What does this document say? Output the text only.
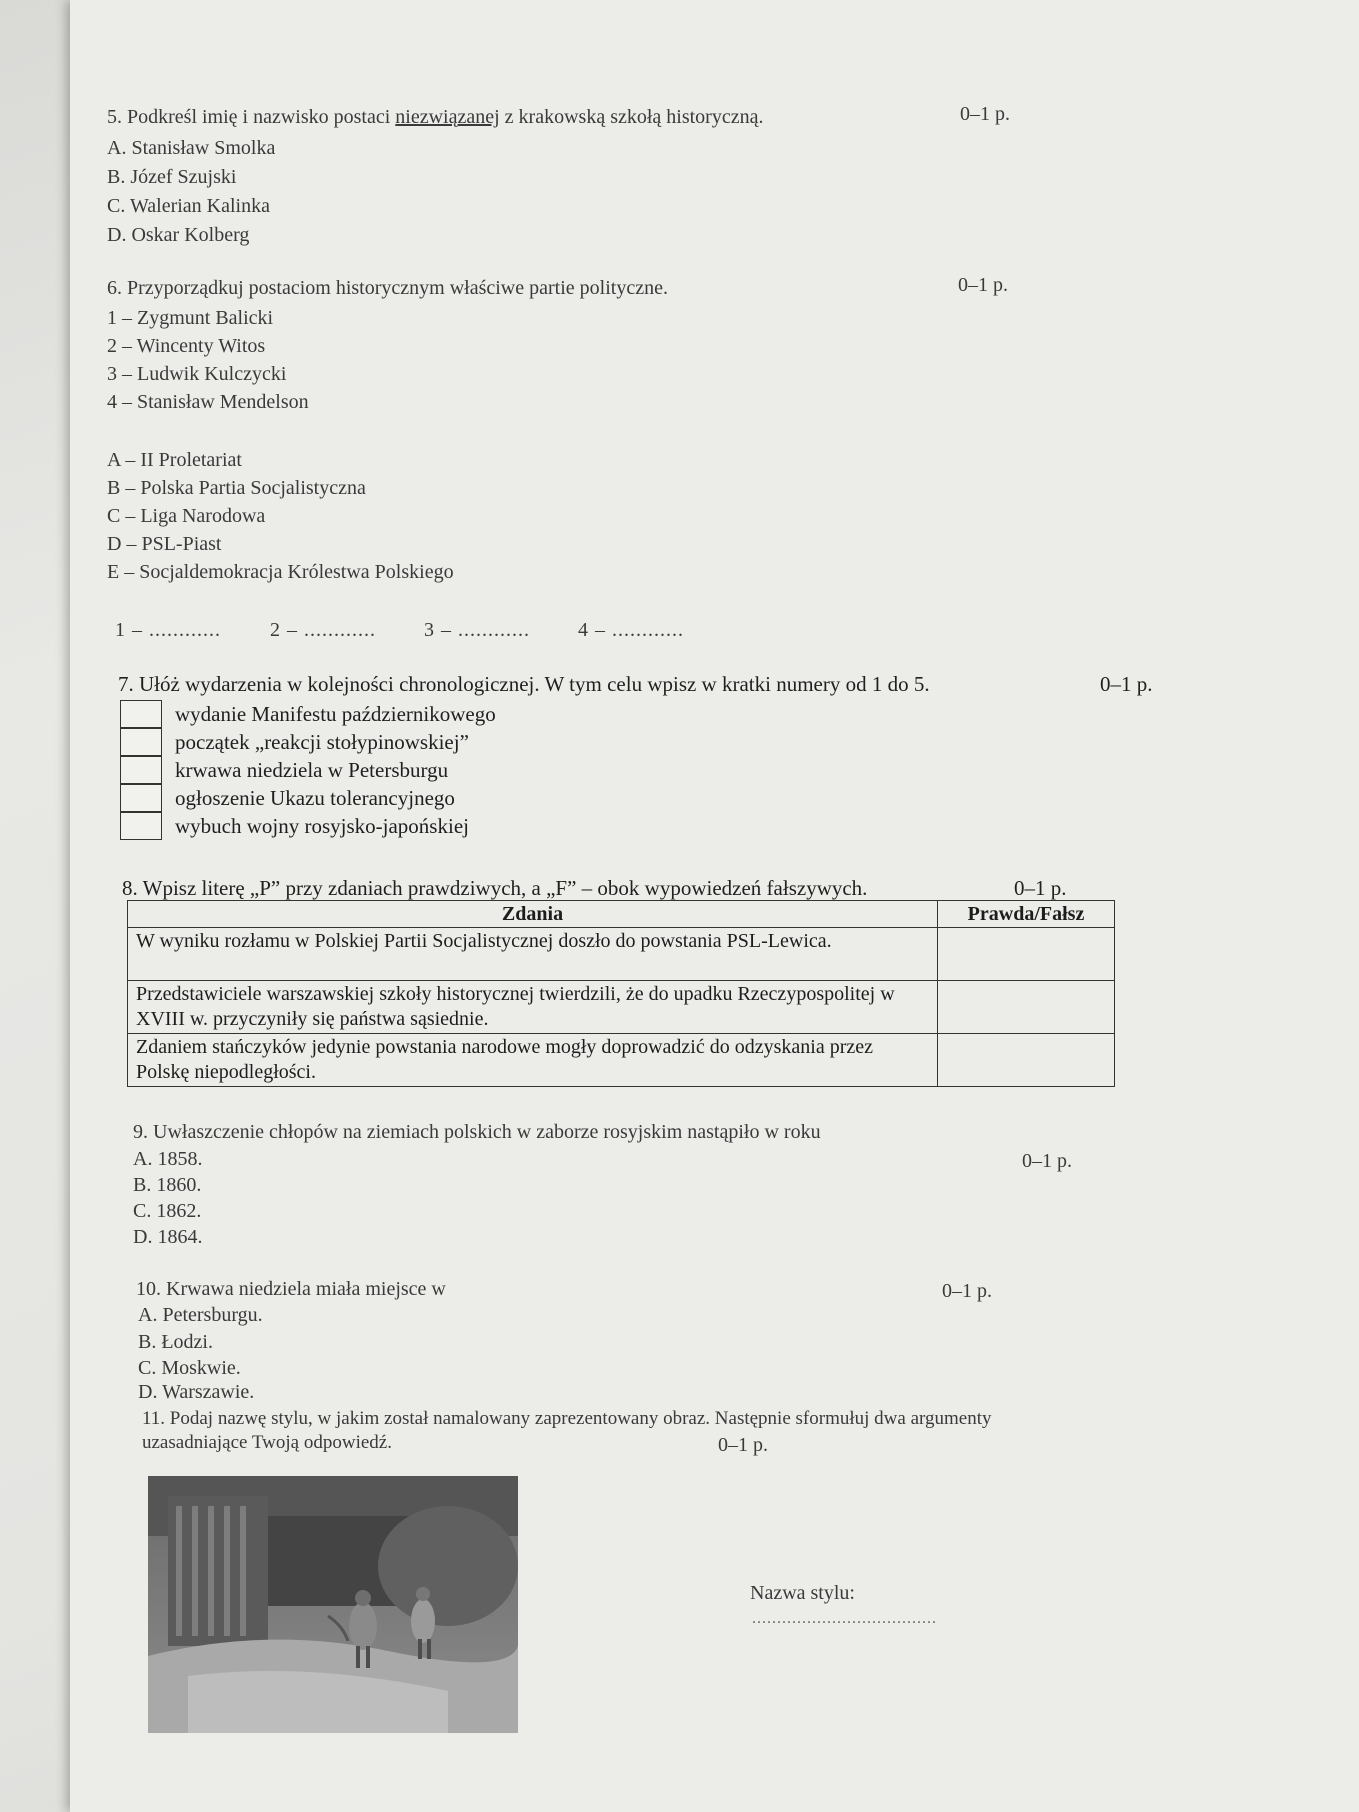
5. Podkreśl imię i nazwisko postaci niezwiązanej z krakowską szkołą historyczną.	0–1 p.
A. Stanisław Smolka
B. Józef Szujski
C. Walerian Kalinka
D. Oskar Kolberg
6. Przyporządkuj postaciom historycznym właściwe partie polityczne.	0–1 p.
1 – Zygmunt Balicki
2 – Wincenty Witos
3 – Ludwik Kulczycki
4 – Stanisław Mendelson
A – II Proletariat
B – Polska Partia Socjalistyczna
C – Liga Narodowa
D – PSL-Piast
E – Socjaldemokracja Królestwa Polskiego
1 – ............ 2 – ............ 3 – ............ 4 – ............
7. Ułóż wydarzenia w kolejności chronologicznej. W tym celu wpisz w kratki numery od 1 do 5.	0–1 p.
wydanie Manifestu październikowego
początek „reakcji stołypinowskiej”
krwawa niedziela w Petersburgu
ogłoszenie Ukazu tolerancyjnego
wybuch wojny rosyjsko-japońskiej
8. Wpisz literę „P” przy zdaniach prawdziwych, a „F” – obok wypowiedzeń fałszywych.	0–1 p.
Zdania	Prawda/Fałsz
W wyniku rozłamu w Polskiej Partii Socjalistycznej doszło do powstania PSL-Lewica.	
Przedstawiciele warszawskiej szkoły historycznej twierdzili, że do upadku Rzeczypospolitej w XVIII w. przyczyniły się państwa sąsiednie.	
Zdaniem stańczyków jedynie powstania narodowe mogły doprowadzić do odzyskania przez Polskę niepodległości.	
9. Uwłaszczenie chłopów na ziemiach polskich w zaborze rosyjskim nastąpiło w roku
0–1 p.
A. 1858.
B. 1860.
C. 1862.
D. 1864.
10. Krwawa niedziela miała miejsce w	0–1 p.
A. Petersburgu.
B. Łodzi.
C. Moskwie.
D. Warszawie.
11. Podaj nazwę stylu, w jakim został namalowany zaprezentowany obraz. Następnie sformułuj dwa argumenty
uzasadniające Twoją odpowiedź.	0–1 p.
Nazwa stylu:
.....................................
